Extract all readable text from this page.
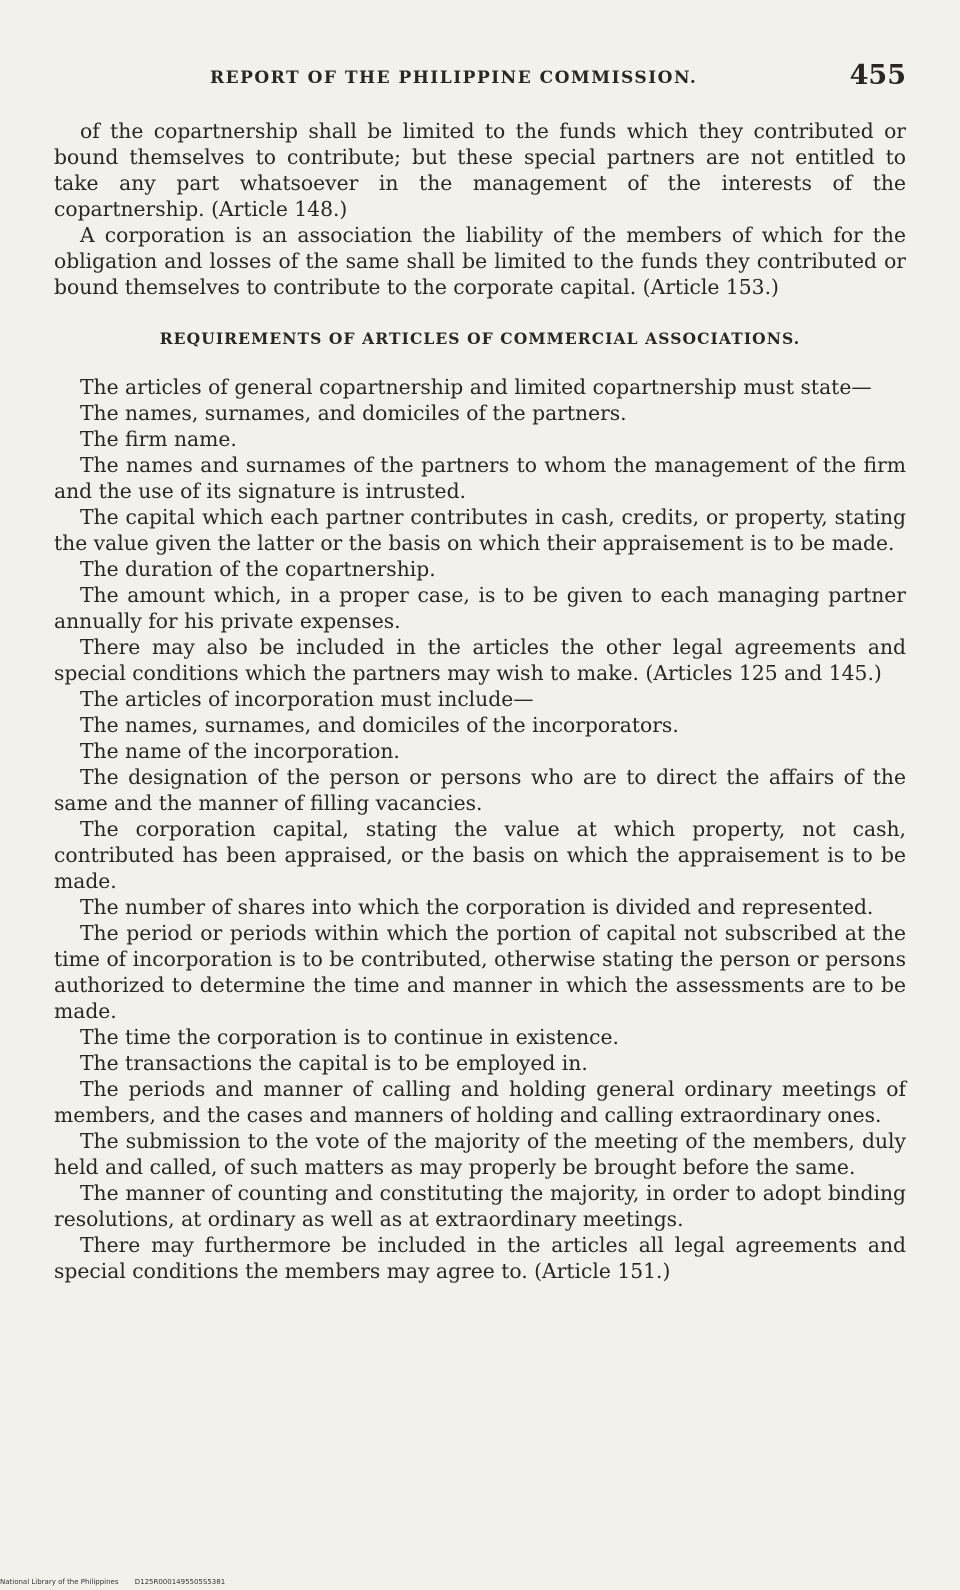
REPORT OF THE PHILIPPINE COMMISSION.	455

of the copartnership shall be limited to the funds which they contributed or bound themselves to contribute; but these special partners are not entitled to take any part whatsoever in the management of the interests of the copartnership. (Article 148.)

A corporation is an association the liability of the members of which for the obligation and losses of the same shall be limited to the funds they contributed or bound themselves to contribute to the corporate capital. (Article 153.)

REQUIREMENTS OF ARTICLES OF COMMERCIAL ASSOCIATIONS.

The articles of general copartnership and limited copartnership must state—

The names, surnames, and domiciles of the partners.

The firm name.

The names and surnames of the partners to whom the management of the firm and the use of its signature is intrusted.

The capital which each partner contributes in cash, credits, or property, stating the value given the latter or the basis on which their appraisement is to be made.

The duration of the copartnership.

The amount which, in a proper case, is to be given to each managing partner annually for his private expenses.

There may also be included in the articles the other legal agreements and special conditions which the partners may wish to make. (Articles 125 and 145.)

The articles of incorporation must include—

The names, surnames, and domiciles of the incorporators.

The name of the incorporation.

The designation of the person or persons who are to direct the affairs of the same and the manner of filling vacancies.

The corporation capital, stating the value at which property, not cash, contributed has been appraised, or the basis on which the appraisement is to be made.

The number of shares into which the corporation is divided and represented.

The period or periods within which the portion of capital not subscribed at the time of incorporation is to be contributed, otherwise stating the person or persons authorized to determine the time and manner in which the assessments are to be made.

The time the corporation is to continue in existence.

The transactions the capital is to be employed in.

The periods and manner of calling and holding general ordinary meetings of members, and the cases and manners of holding and calling extraordinary ones.

The submission to the vote of the majority of the meeting of the members, duly held and called, of such matters as may properly be brought before the same.

The manner of counting and constituting the majority, in order to adopt binding resolutions, at ordinary as well as at extraordinary meetings.

There may furthermore be included in the articles all legal agreements and special conditions the members may agree to. (Article 151.)

National Library of the Philippines D125R0001495505S5381
